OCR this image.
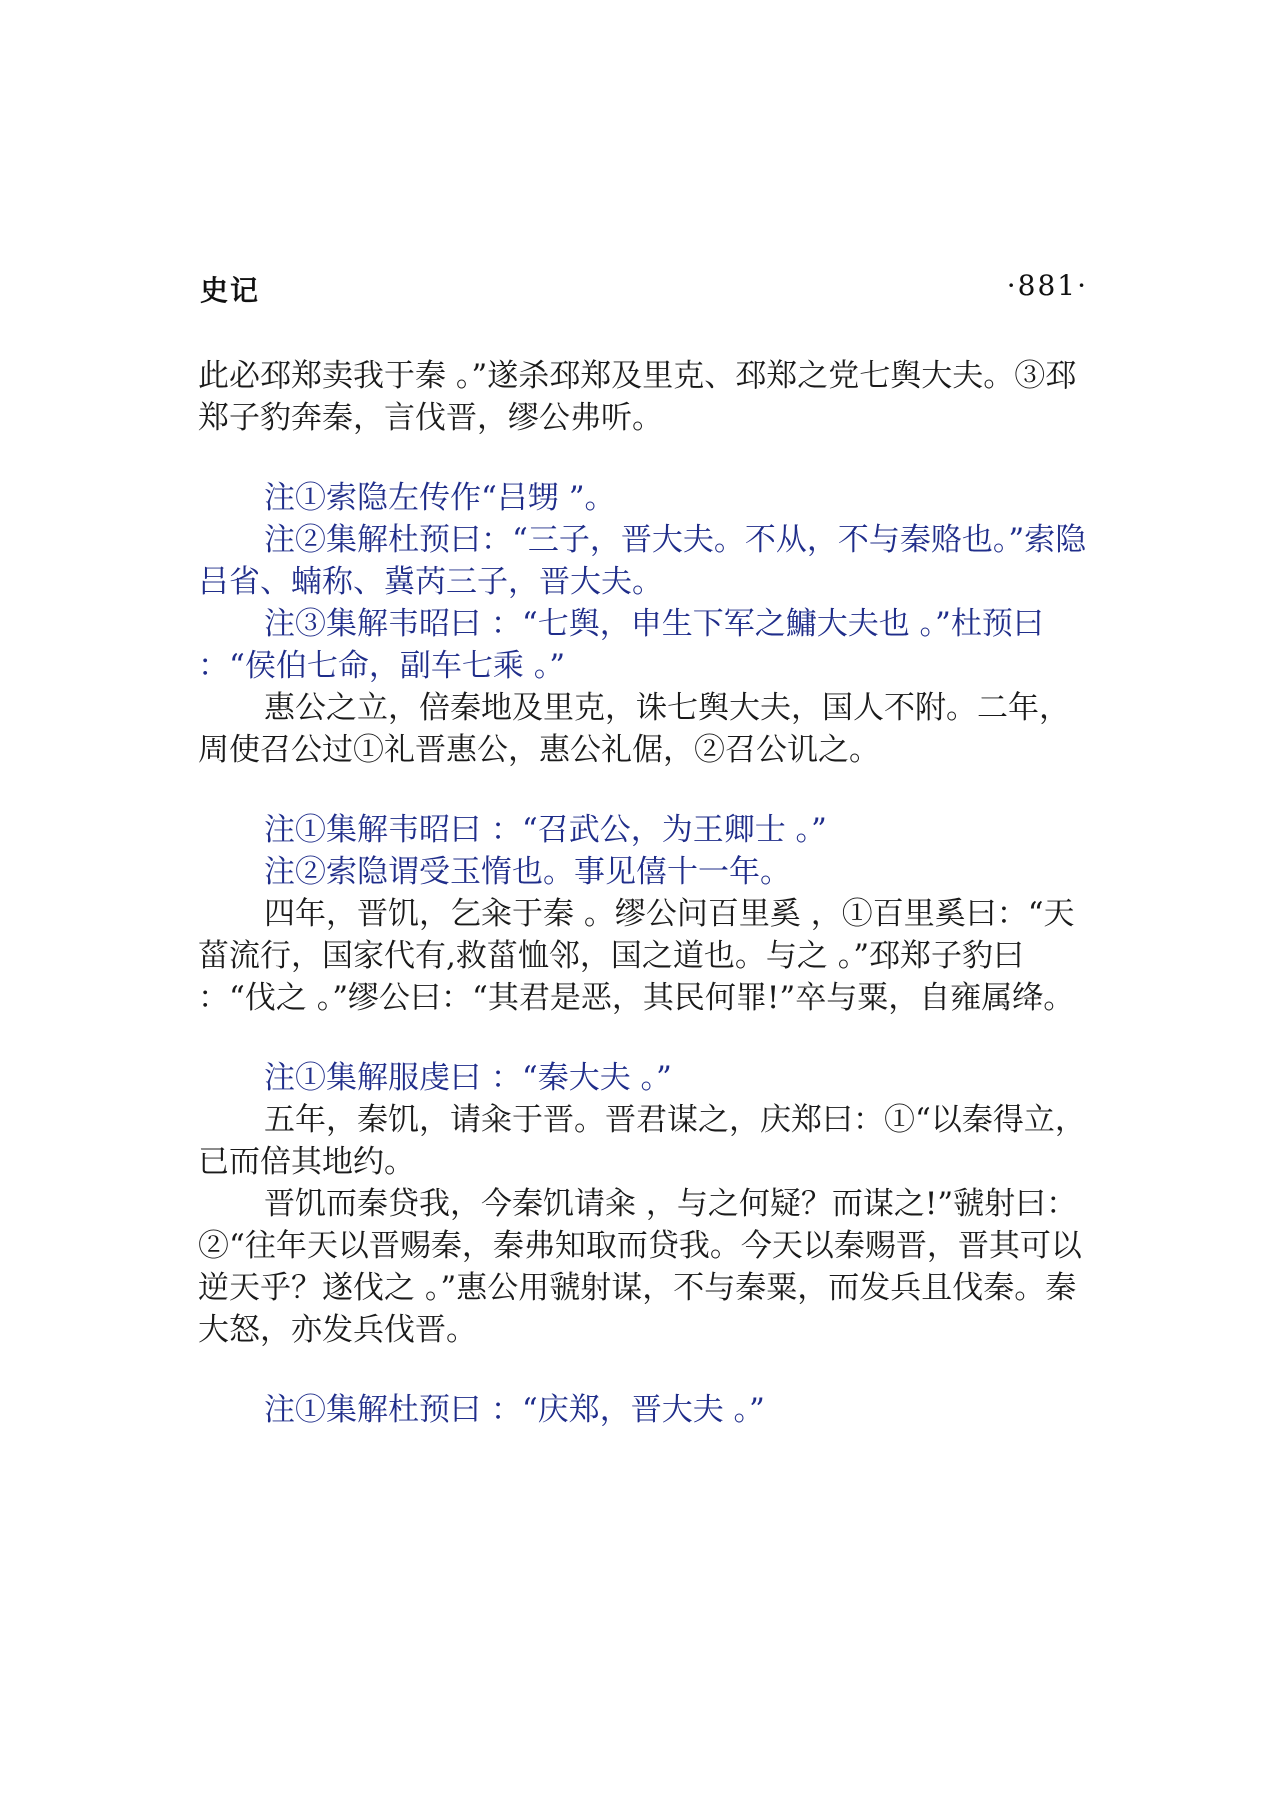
史记	·881·

此必邳郑卖我于秦 。”遂杀邳郑及里克、邳郑之党七舆大夫。③邳郑子豹奔秦，言伐晋，缪公弗听。

注①索隐左传作“吕甥 ”。

注②集解杜预曰：“三子，晋大夫。不从，不与秦赂也。”索隐吕省、蝻称、冀芮三子，晋大夫。

注③集解韦昭曰 ：“七舆，申生下军之鱅大夫也 。”杜预曰 ：“侯伯七命，副车七乘 。”

惠公之立，倍秦地及里克，诛七舆大夫，国人不附。二年，周使召公过①礼晋惠公，惠公礼倨，②召公讥之。

注①集解韦昭曰 ：“召武公，为王卿士 。”

注②索隐谓受玉惰也。事见僖十一年。

四年，晋饥，乞籴于秦 。缪公问百里奚 ，①百里奚曰：“天菑流行，国家代有,救菑恤邻，国之道也。与之 。”邳郑子豹曰 ：“伐之 。”缪公曰：“其君是恶，其民何罪!”卒与粟，自雍属绛。

注①集解服虔曰 ：“秦大夫 。”

五年，秦饥，请籴于晋。晋君谋之，庆郑曰：①“以秦得立，已而倍其地约。

晋饥而秦贷我，今秦饥请籴 ，与之何疑？而谋之!”虢射曰：②“往年天以晋赐秦，秦弗知取而贷我。今天以秦赐晋，晋其可以逆天乎？遂伐之 。”惠公用虢射谋，不与秦粟，而发兵且伐秦。秦大怒，亦发兵伐晋。

注①集解杜预曰 ：“庆郑，晋大夫 。”
